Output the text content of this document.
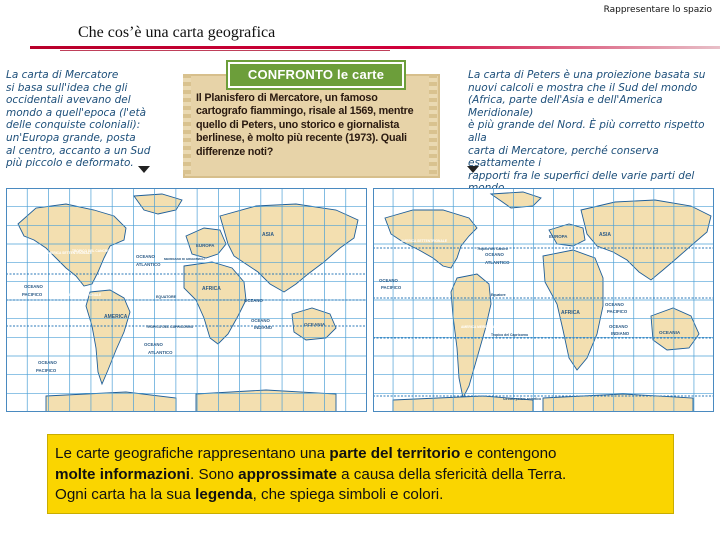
Rappresentare lo spazio
Che cos’è una carta geografica
La carta di Mercatore
si basa sull'idea che gli
occidentali avevano del
mondo a quell'epoca (l'età
delle conquiste coloniali):
un'Europa grande, posta
al centro, accanto a un Sud
più piccolo e deformato.
La carta di Peters è una proiezione basata su
nuovi calcoli e mostra che il Sud del mondo
(Africa, parte dell'Asia e dell'America Meridionale)
è più grande del Nord. È più corretto rispetto alla
carta di Mercatore, perché conserva esattamente i
rapporti fra le superfici delle varie parti del

CONFRONTO le carte
Il Planisfero di Mercatore, un famoso cartografo fiammingo, risale al 1569, mentre quello di Peters, uno storico e giornalista berlinese, è molto più recente (1973). Quali differenze noti?
ASIA
EUROPA
OCEANO
ATLANTICO
OCEANO
AFRICA
OCEANO
INDIANO
AMERICA
OCEANO
PACIFICO
OCEANIA
TROPICO DEL CANCRO
EQUATORE
TROPICO DEL CAPRICORNO
MERIDIANO DI GREENWICH
ATLANTICO
OCEANO
AMERICA SETTENTRIONALE
AMERICA MERIDIONALE
OCEANO
PACIFICO
ASIA
EUROPA
OCEANO
ATLANTICO
AFRICA
OCEANO
INDIANO
OCEANO
PACIFICO
OCEANIA
AMERICA SETTENTRIONALE
AMERICA MERIDIONALE
OCEANO
PACIFICO
Tropico del Cancro
Equatore
Tropico del Capricorno
Circolo polare antartico
Le carte geografiche rappresentano una parte del territorio e contengono
molte informazioni. Sono approssimate a causa della sfericità della Terra.
Ogni carta ha la sua legenda, che spiega simboli e colori.
